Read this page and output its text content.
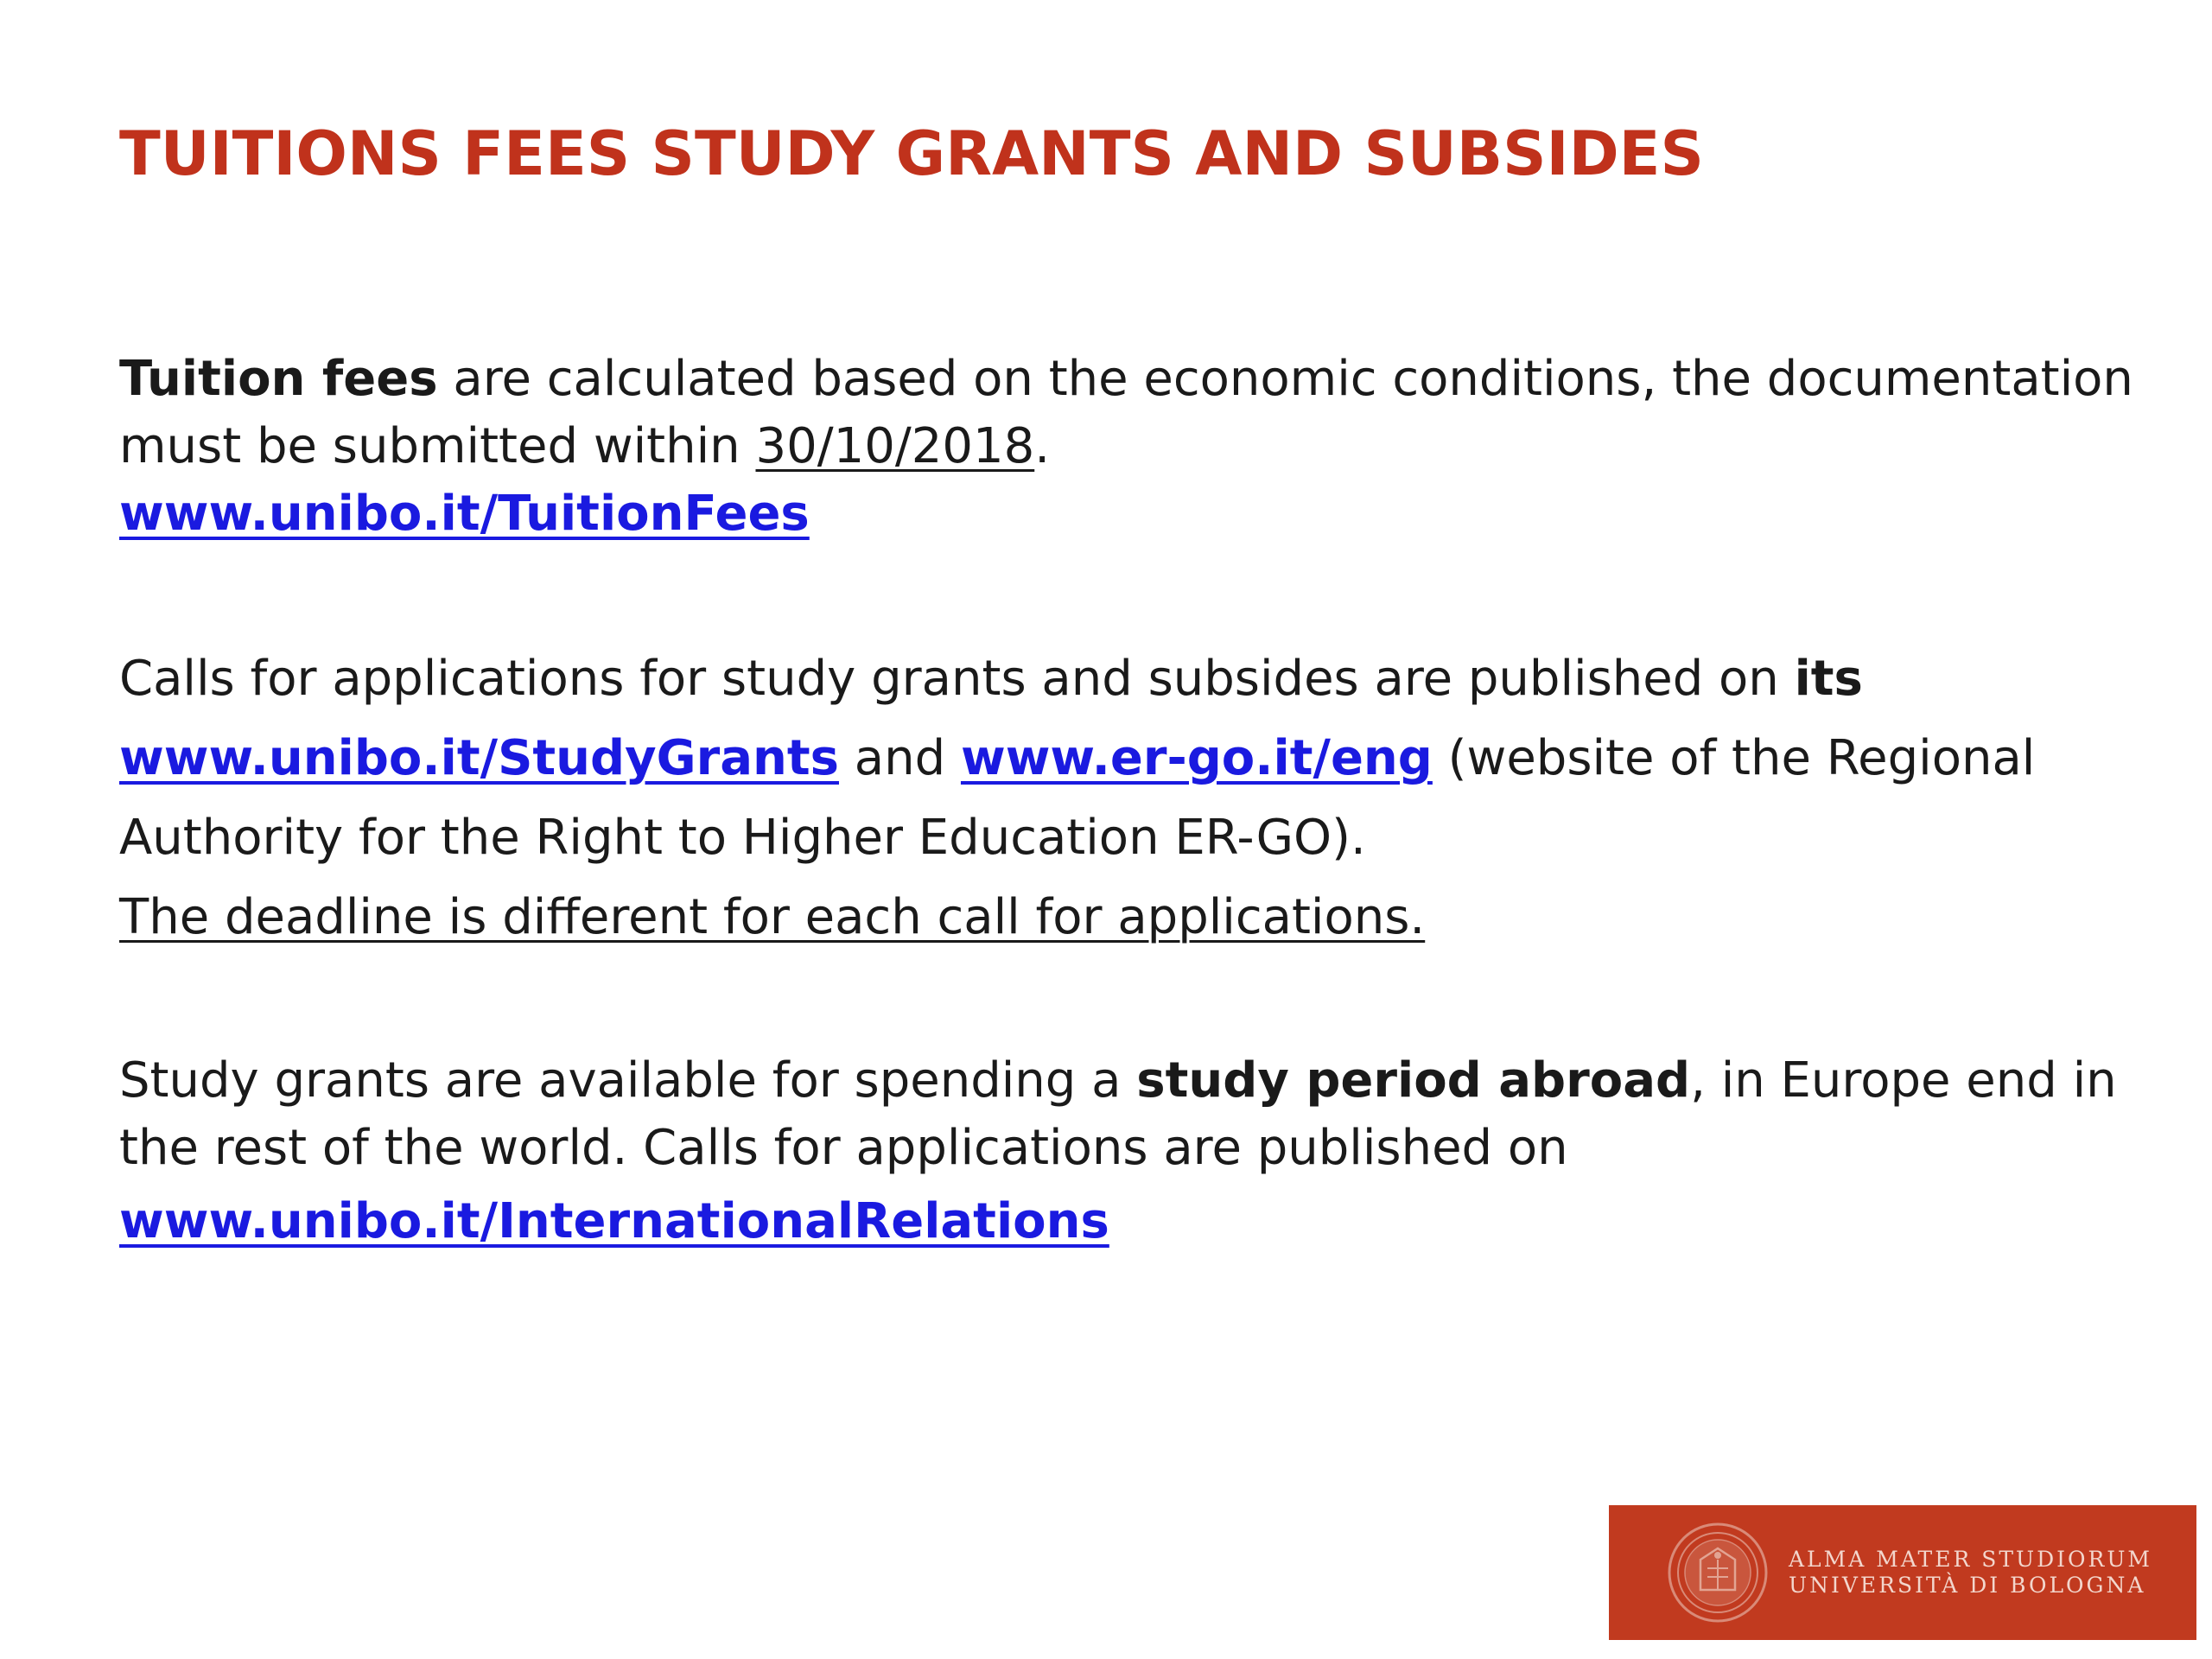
TUITIONS FEES STUDY GRANTS AND SUBSIDES

Tuition fees are calculated based on the economic conditions, the documentation must be submitted within 30/10/2018.
www.unibo.it/TuitionFees

Calls for applications for study grants and subsides are published on its
www.unibo.it/StudyGrants and www.er-go.it/eng (website of the Regional Authority for the Right to Higher Education ER-GO).
The deadline is different for each call for applications.

Study grants are available for spending a study period abroad, in Europe end in the rest of the world. Calls for applications are published on

www.unibo.it/InternationalRelations

ALMA MATER STUDIORUM
UNIVERSITÀ DI BOLOGNA
